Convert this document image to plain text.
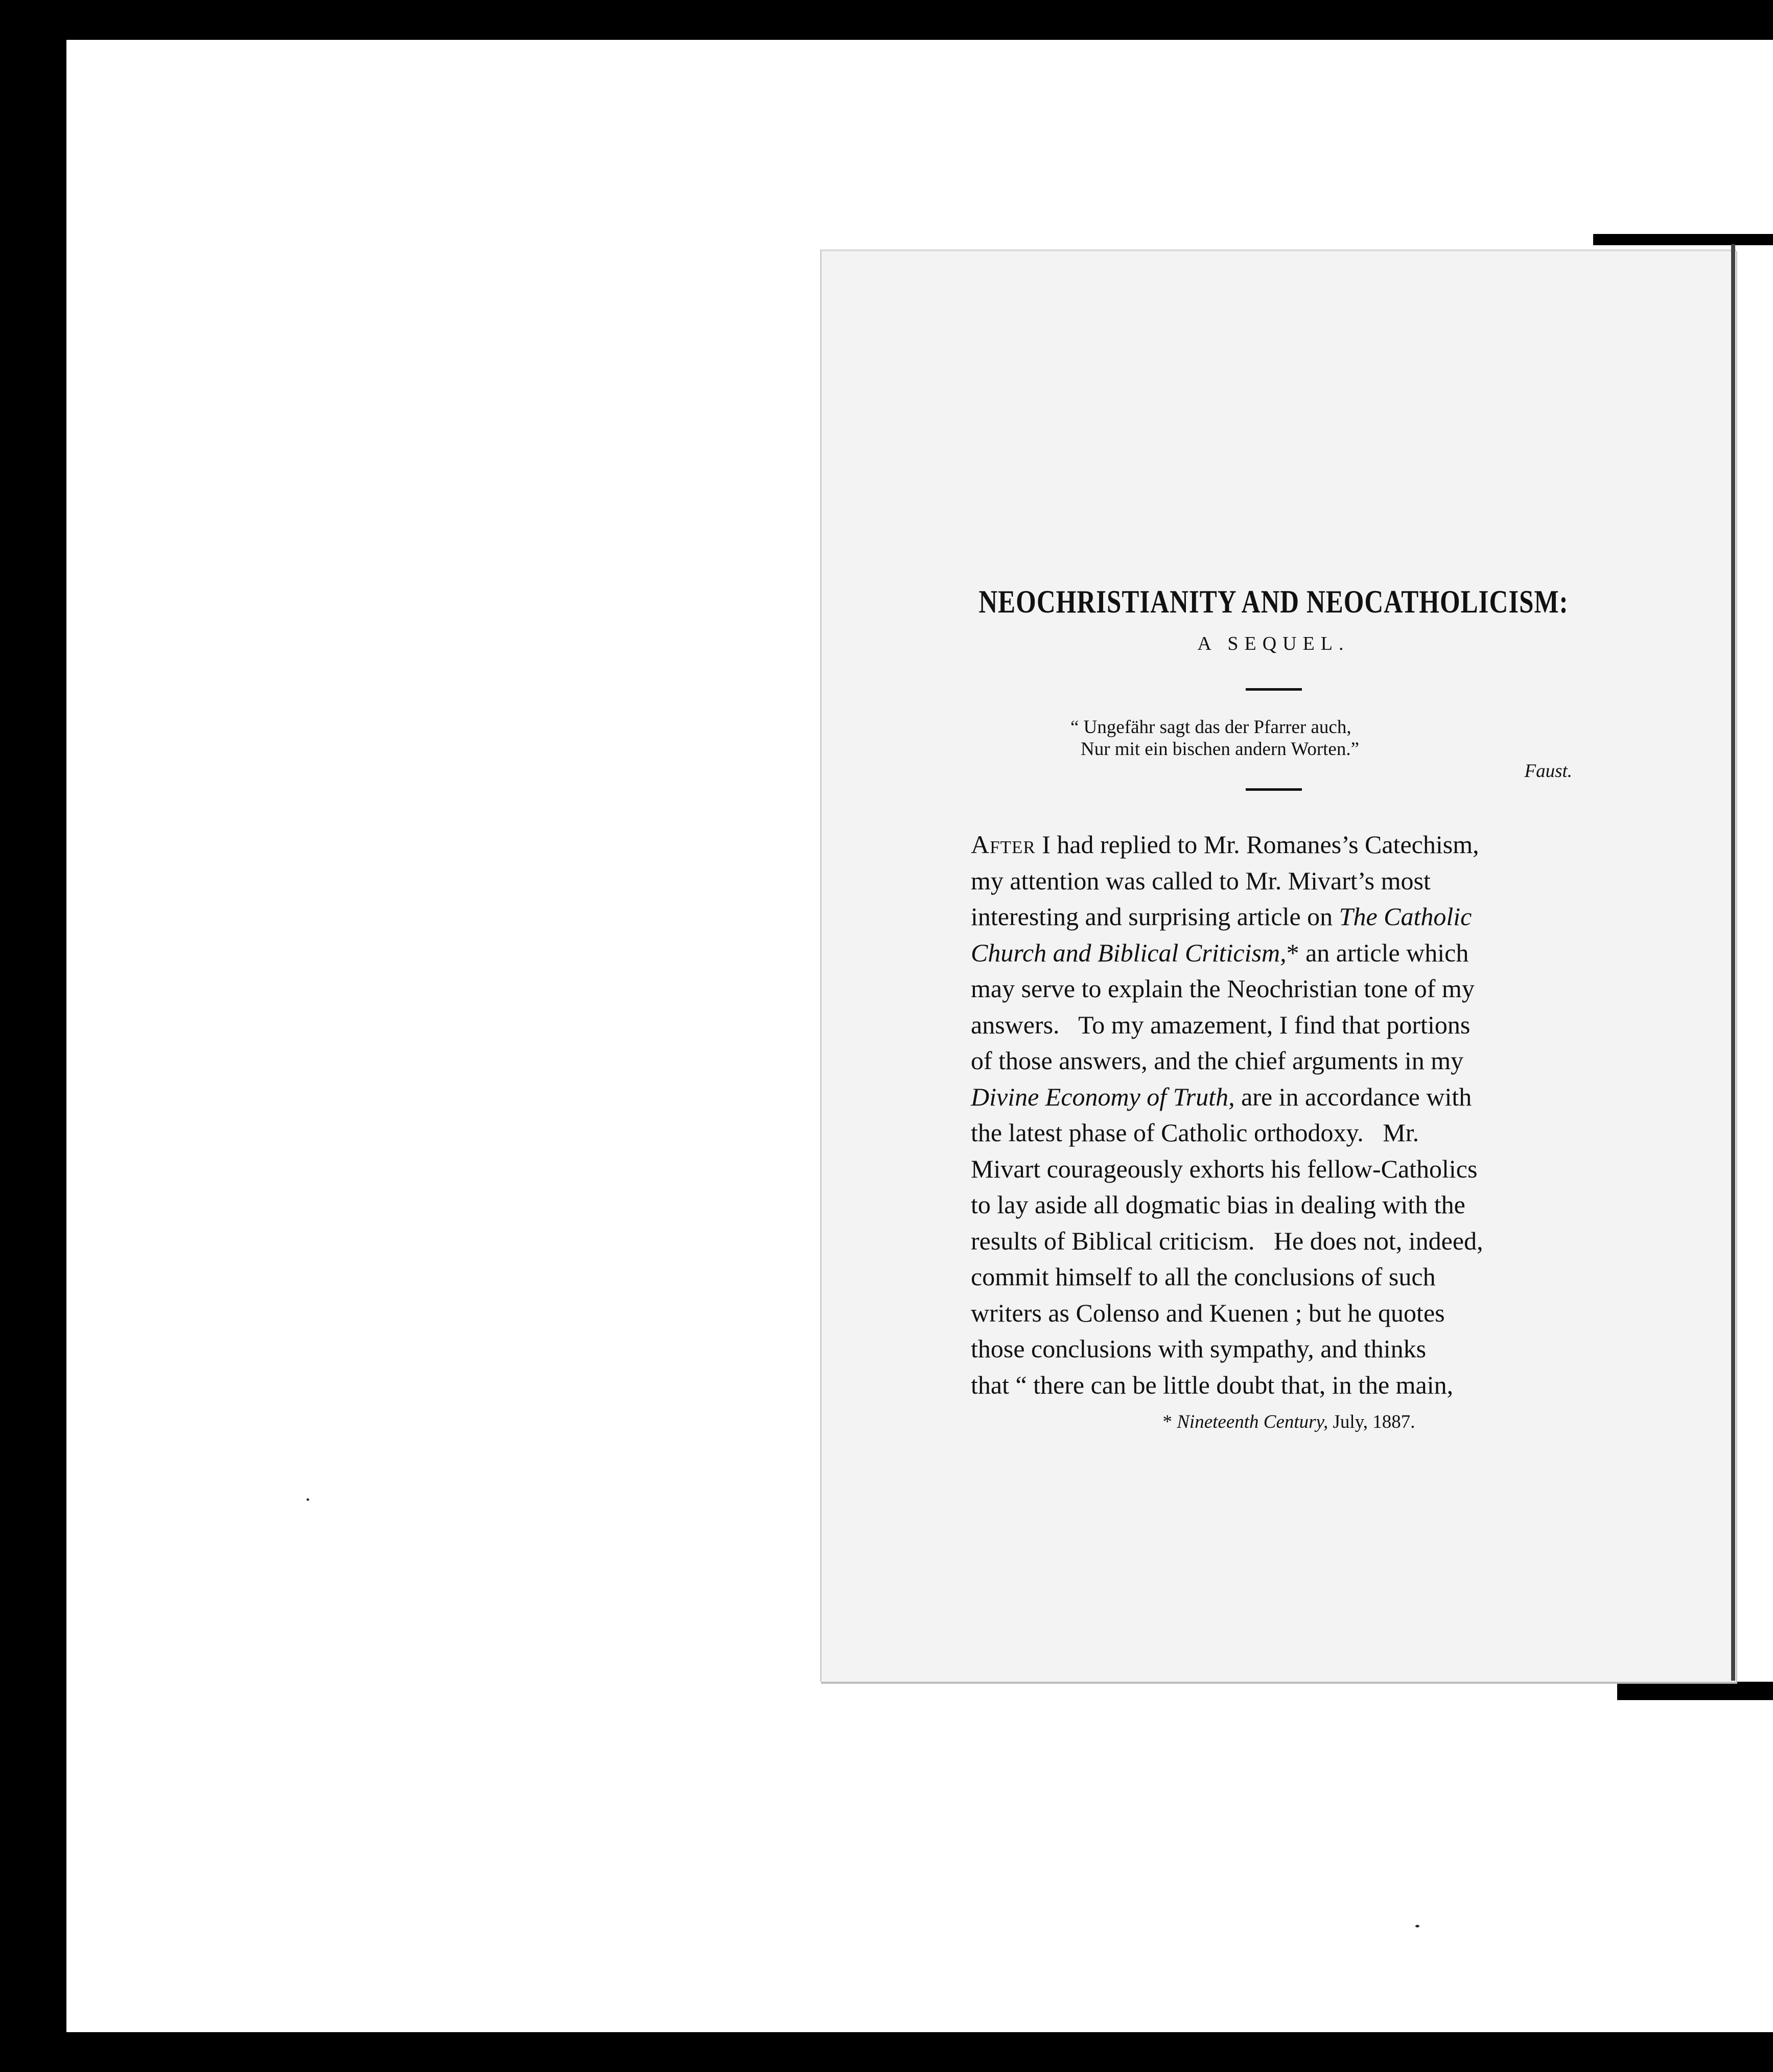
NEOCHRISTIANITY AND NEOCATHOLICISM:
A SEQUEL.
“ Ungefähr sagt das der Pfarrer auch,
Nur mit ein bischen andern Worten.”
Faust.
After I had replied to Mr. Romanes’s Catechism,
my attention was called to Mr. Mivart’s most
interesting and surprising article on The Catholic
Church and Biblical Criticism,* an article which
may serve to explain the Neochristian tone of my
answers.   To my amazement, I find that portions
of those answers, and the chief arguments in my
Divine Economy of Truth, are in accordance with
the latest phase of Catholic orthodoxy.   Mr.
Mivart courageously exhorts his fellow-Catholics
to lay aside all dogmatic bias in dealing with the
results of Biblical criticism.   He does not, indeed,
commit himself to all the conclusions of such
writers as Colenso and Kuenen ; but he quotes
those conclusions with sympathy, and thinks
that “ there can be little doubt that, in the main,
* Nineteenth Century, July, 1887.
